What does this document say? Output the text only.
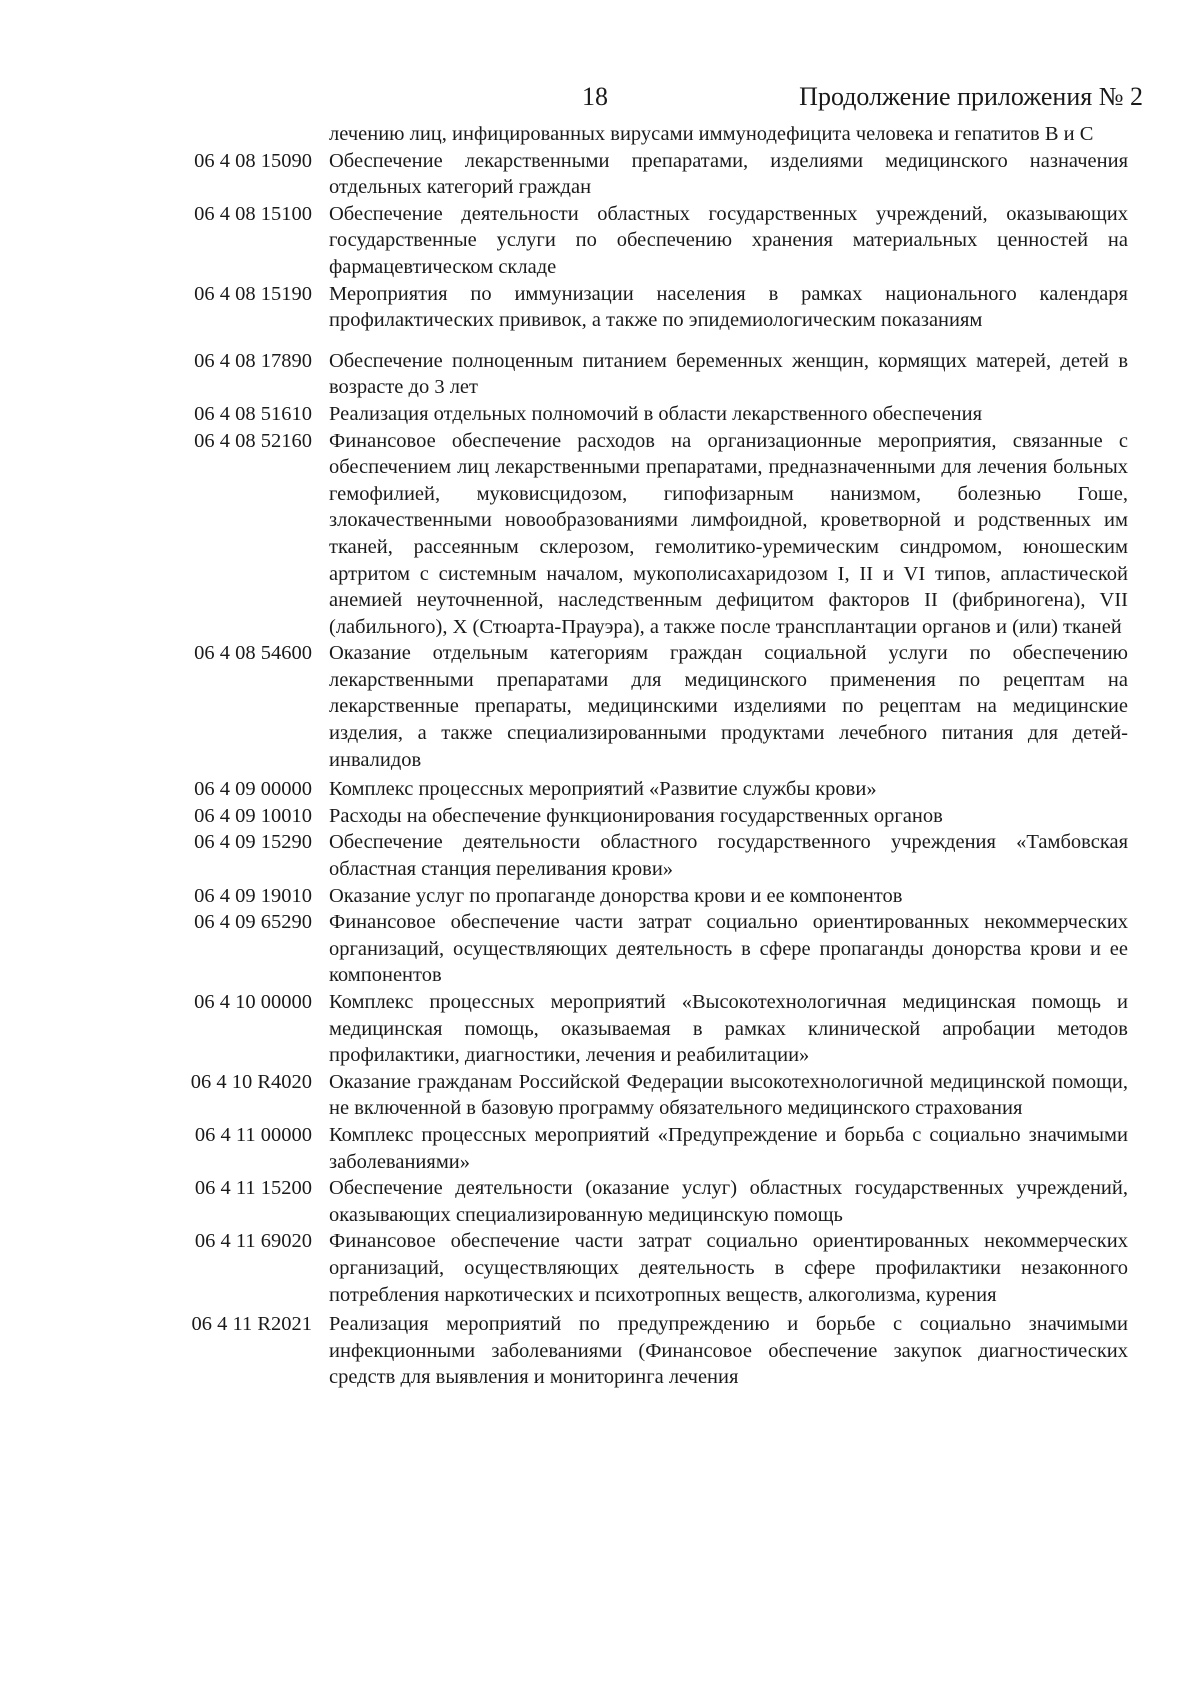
18	Продолжение приложения № 2
лечению лиц, инфицированных вирусами иммунодефицита человека и гепатитов В и С
06 4 08 15090 Обеспечение лекарственными препаратами, изделиями медицинского назначения отдельных категорий граждан
06 4 08 15100 Обеспечение деятельности областных государственных учреждений, оказывающих государственные услуги по обеспечению хранения материальных ценностей на фармацевтическом складе
06 4 08 15190 Мероприятия по иммунизации населения в рамках национального календаря профилактических прививок, а также по эпидемиологическим показаниям
06 4 08 17890 Обеспечение полноценным питанием беременных женщин, кормящих матерей, детей в возрасте до 3 лет
06 4 08 51610 Реализация отдельных полномочий в области лекарственного обеспечения
06 4 08 52160 Финансовое обеспечение расходов на организационные мероприятия, связанные с обеспечением лиц лекарственными препаратами, предназначенными для лечения больных гемофилией, муковисцидозом, гипофизарным нанизмом, болезнью Гоше, злокачественными новообразованиями лимфоидной, кроветворной и родственных им тканей, рассеянным склерозом, гемолитико-уремическим синдромом, юношеским артритом с системным началом, мукополисахаридозом I, II и VI типов, апластической анемией неуточненной, наследственным дефицитом факторов II (фибриногена), VII (лабильного), X (Стюарта-Прауэра), а также после трансплантации органов и (или) тканей
06 4 08 54600 Оказание отдельным категориям граждан социальной услуги по обеспечению лекарственными препаратами для медицинского применения по рецептам на лекарственные препараты, медицинскими изделиями по рецептам на медицинские изделия, а также специализированными продуктами лечебного питания для детей-инвалидов
06 4 09 00000 Комплекс процессных мероприятий «Развитие службы крови»
06 4 09 10010 Расходы на обеспечение функционирования государственных органов
06 4 09 15290 Обеспечение деятельности областного государственного учреждения «Тамбовская областная станция переливания крови»
06 4 09 19010 Оказание услуг по пропаганде донорства крови и ее компонентов
06 4 09 65290 Финансовое обеспечение части затрат социально ориентированных некоммерческих организаций, осуществляющих деятельность в сфере пропаганды донорства крови и ее компонентов
06 4 10 00000 Комплекс процессных мероприятий «Высокотехнологичная медицинская помощь и медицинская помощь, оказываемая в рамках клинической апробации методов профилактики, диагностики, лечения и реабилитации»
06 4 10 R4020 Оказание гражданам Российской Федерации высокотехнологичной медицинской помощи, не включенной в базовую программу обязательного медицинского страхования
06 4 11 00000 Комплекс процессных мероприятий «Предупреждение и борьба с социально значимыми заболеваниями»
06 4 11 15200 Обеспечение деятельности (оказание услуг) областных государственных учреждений, оказывающих специализированную медицинскую помощь
06 4 11 69020 Финансовое обеспечение части затрат социально ориентированных некоммерческих организаций, осуществляющих деятельность в сфере профилактики незаконного потребления наркотических и психотропных веществ, алкоголизма, курения
06 4 11 R2021 Реализация мероприятий по предупреждению и борьбе с социально значимыми инфекционными заболеваниями (Финансовое обеспечение закупок диагностических средств для выявления и мониторинга лечения
